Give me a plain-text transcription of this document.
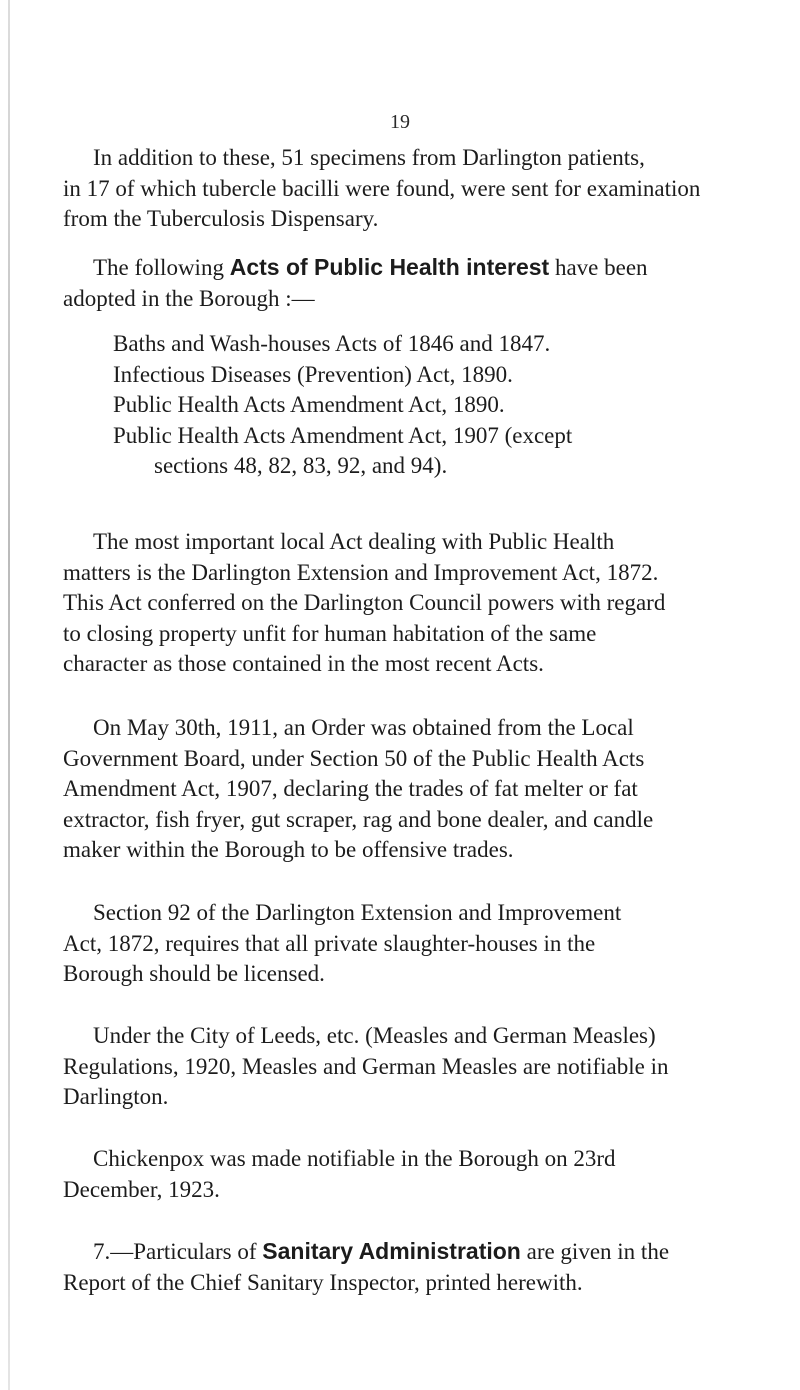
19

In addition to these, 51 specimens from Darlington patients,
in 17 of which tubercle bacilli were found, were sent for examination
from the Tuberculosis Dispensary.

The following Acts of Public Health interest have been
adopted in the Borough :—

Baths and Wash-houses Acts of 1846 and 1847.
Infectious Diseases (Prevention) Act, 1890.
Public Health Acts Amendment Act, 1890.
Public Health Acts Amendment Act, 1907 (except
sections 48, 82, 83, 92, and 94).

The most important local Act dealing with Public Health
matters is the Darlington Extension and Improvement Act, 1872.
This Act conferred on the Darlington Council powers with regard
to closing property unfit for human habitation of the same
character as those contained in the most recent Acts.

On May 30th, 1911, an Order was obtained from the Local
Government Board, under Section 50 of the Public Health Acts
Amendment Act, 1907, declaring the trades of fat melter or fat
extractor, fish fryer, gut scraper, rag and bone dealer, and candle
maker within the Borough to be offensive trades.

Section 92 of the Darlington Extension and Improvement
Act, 1872, requires that all private slaughter-houses in the
Borough should be licensed.

Under the City of Leeds, etc. (Measles and German Measles)
Regulations, 1920, Measles and German Measles are notifiable in
Darlington.

Chickenpox was made notifiable in the Borough on 23rd
December, 1923.

7.—Particulars of Sanitary Administration are given in the
Report of the Chief Sanitary Inspector, printed herewith.
